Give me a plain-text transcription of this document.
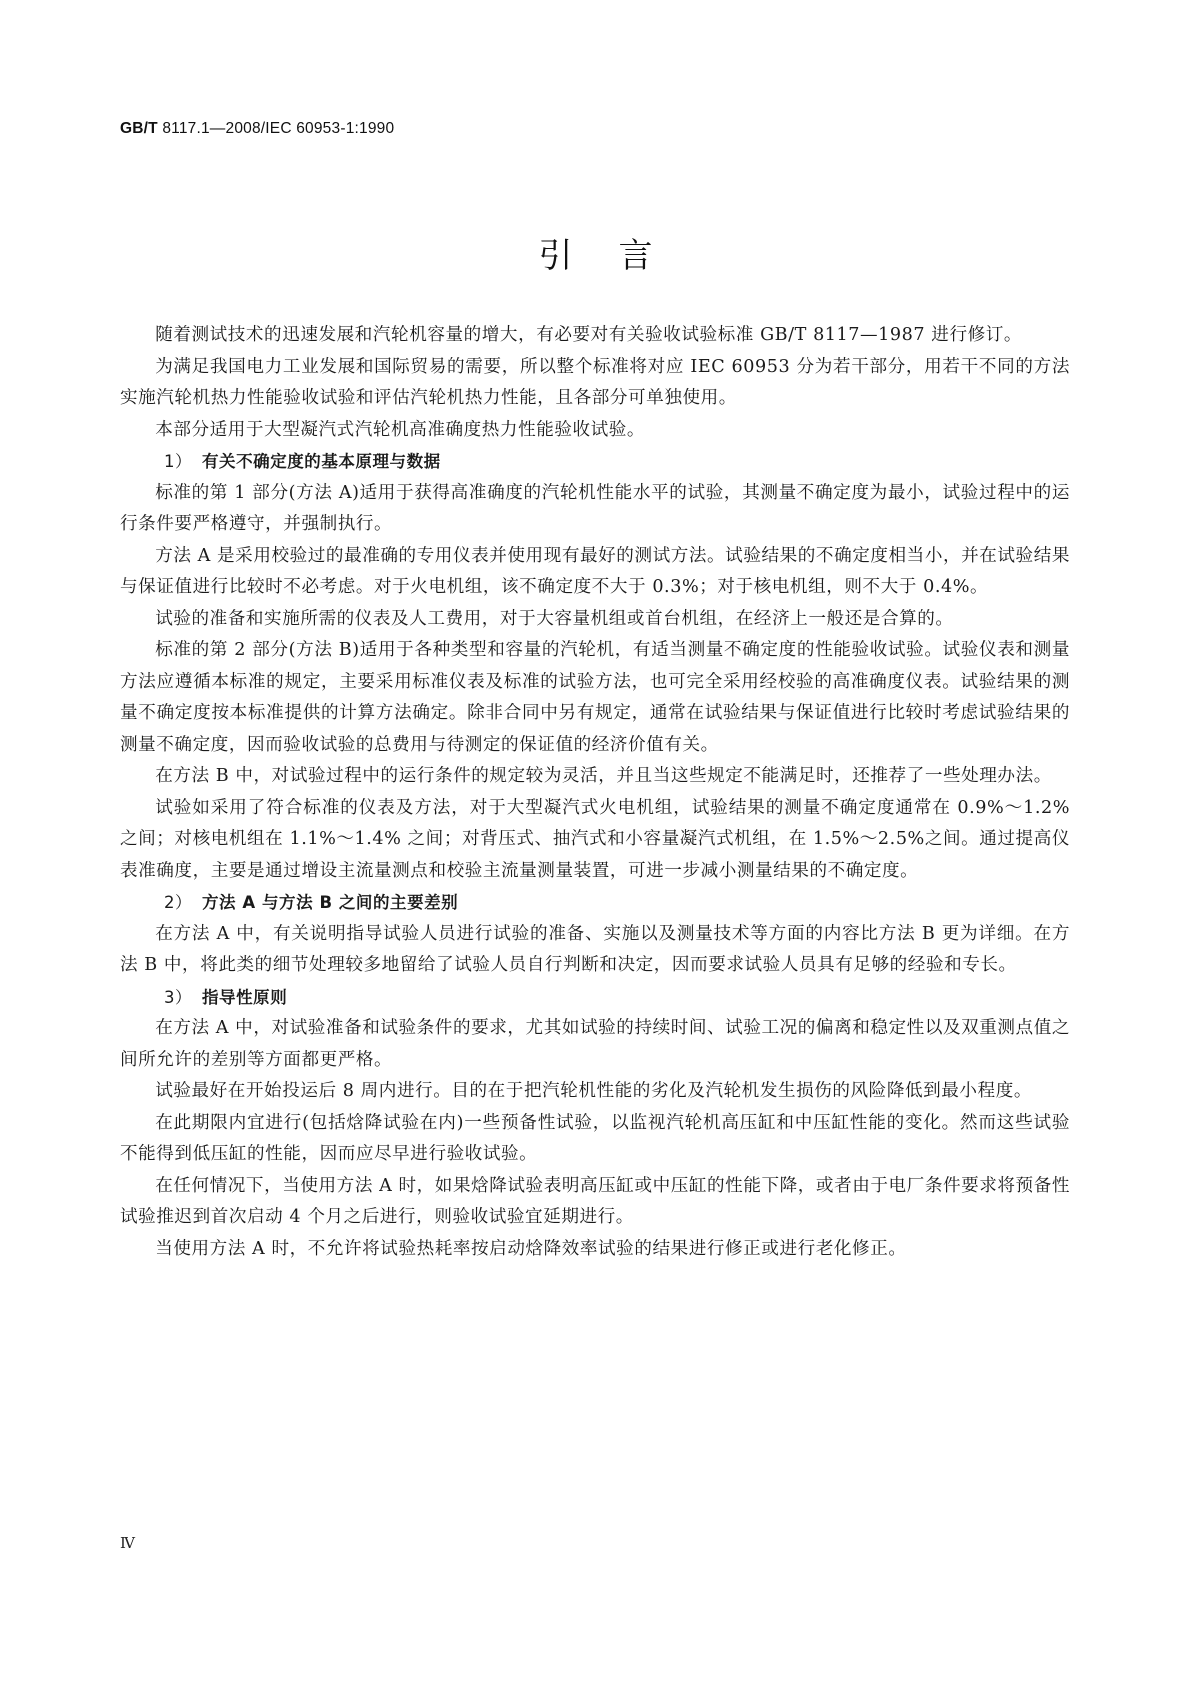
GB/T 8117.1—2008/IEC 60953-1:1990
引言

随着测试技术的迅速发展和汽轮机容量的增大，有必要对有关验收试验标准 GB/T 8117—1987 进行修订。

为满足我国电力工业发展和国际贸易的需要，所以整个标准将对应 IEC 60953 分为若干部分，用若干不同的方法实施汽轮机热力性能验收试验和评估汽轮机热力性能，且各部分可单独使用。

本部分适用于大型凝汽式汽轮机高准确度热力性能验收试验。

1） 有关不确定度的基本原理与数据

标准的第 1 部分(方法 A)适用于获得高准确度的汽轮机性能水平的试验，其测量不确定度为最小，试验过程中的运行条件要严格遵守，并强制执行。

方法 A 是采用校验过的最准确的专用仪表并使用现有最好的测试方法。试验结果的不确定度相当小，并在试验结果与保证值进行比较时不必考虑。对于火电机组，该不确定度不大于 0.3%；对于核电机组，则不大于 0.4%。

试验的准备和实施所需的仪表及人工费用，对于大容量机组或首台机组，在经济上一般还是合算的。

标准的第 2 部分(方法 B)适用于各种类型和容量的汽轮机，有适当测量不确定度的性能验收试验。试验仪表和测量方法应遵循本标准的规定，主要采用标准仪表及标准的试验方法，也可完全采用经校验的高准确度仪表。试验结果的测量不确定度按本标准提供的计算方法确定。除非合同中另有规定，通常在试验结果与保证值进行比较时考虑试验结果的测量不确定度，因而验收试验的总费用与待测定的保证值的经济价值有关。

在方法 B 中，对试验过程中的运行条件的规定较为灵活，并且当这些规定不能满足时，还推荐了一些处理办法。

试验如采用了符合标准的仪表及方法，对于大型凝汽式火电机组，试验结果的测量不确定度通常在 0.9%～1.2% 之间；对核电机组在 1.1%～1.4% 之间；对背压式、抽汽式和小容量凝汽式机组，在 1.5%～2.5%之间。通过提高仪表准确度，主要是通过增设主流量测点和校验主流量测量装置，可进一步减小测量结果的不确定度。

2） 方法 A 与方法 B 之间的主要差别

在方法 A 中，有关说明指导试验人员进行试验的准备、实施以及测量技术等方面的内容比方法 B 更为详细。在方法 B 中，将此类的细节处理较多地留给了试验人员自行判断和决定，因而要求试验人员具有足够的经验和专长。

3） 指导性原则

在方法 A 中，对试验准备和试验条件的要求，尤其如试验的持续时间、试验工况的偏离和稳定性以及双重测点值之间所允许的差别等方面都更严格。

试验最好在开始投运后 8 周内进行。目的在于把汽轮机性能的劣化及汽轮机发生损伤的风险降低到最小程度。

在此期限内宜进行(包括焓降试验在内)一些预备性试验，以监视汽轮机高压缸和中压缸性能的变化。然而这些试验不能得到低压缸的性能，因而应尽早进行验收试验。

在任何情况下，当使用方法 A 时，如果焓降试验表明高压缸或中压缸的性能下降，或者由于电厂条件要求将预备性试验推迟到首次启动 4 个月之后进行，则验收试验宜延期进行。

当使用方法 A 时，不允许将试验热耗率按启动焓降效率试验的结果进行修正或进行老化修正。

Ⅳ
